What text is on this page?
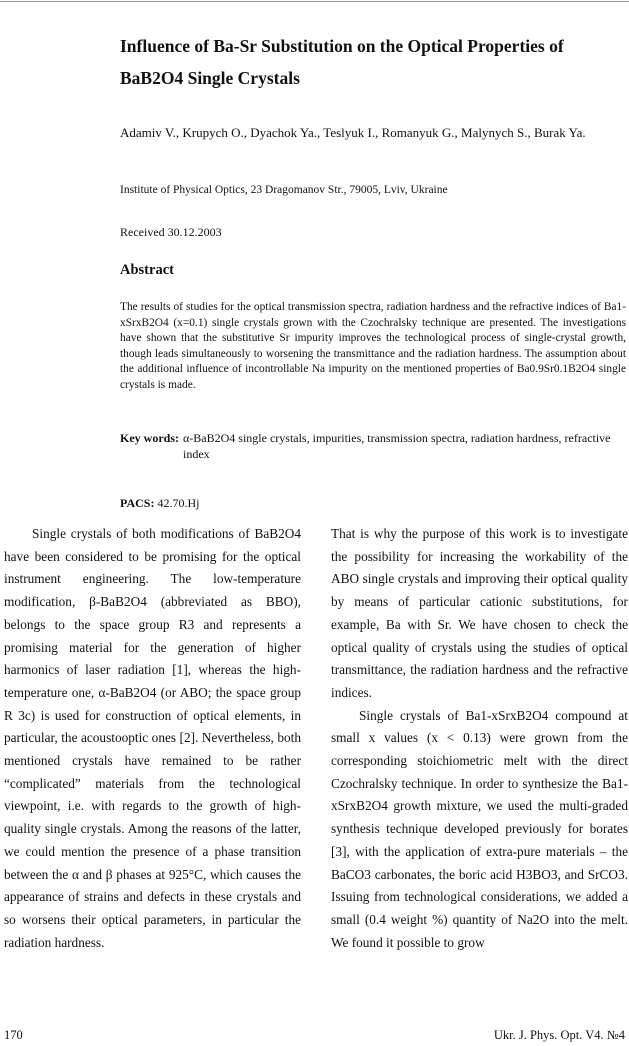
Influence of Ba-Sr Substitution on the Optical Properties of
BaB2O4 Single Crystals

Adamiv V., Krupych O., Dyachok Ya., Teslyuk I., Romanyuk G., Malynych S., Burak Ya.

Institute of Physical Optics, 23 Dragomanov Str., 79005, Lviv, Ukraine

Received 30.12.2003

Abstract

The results of studies for the optical transmission spectra, radiation hardness and the refractive indices of Ba1-xSrxB2O4 (x=0.1) single crystals grown with the Czochralsky technique are presented. The investigations have shown that the substitutive Sr impurity improves the technological process of single-crystal growth, though leads simultaneously to worsening the transmittance and the radiation hardness. The assumption about the additional influence of incontrollable Na impurity on the mentioned properties of Ba0.9Sr0.1B2O4 single crystals is made.

Key words: α-BaB2O4 single crystals, impurities, transmission spectra, radiation hardness, refractive index
PACS: 42.70.Hj

Single crystals of both modifications of BaB2O4 have been considered to be promising for the optical instrument engineering. The low-temperature modification, β-BaB2O4 (abbreviated as BBO), belongs to the space group R3 and represents a promising material for the generation of higher harmonics of laser radiation [1], whereas the high-temperature one, α-BaB2O4 (or ABO; the space group R 3c) is used for construction of optical elements, in particular, the acoustooptic ones [2]. Nevertheless, both mentioned crystals have remained to be rather “complicated” materials from the technological viewpoint, i.e. with regards to the growth of high-quality single crystals. Among the reasons of the latter, we could mention the presence of a phase transition between the α and β phases at 925°C, which causes the appearance of strains and defects in these crystals and so worsens their optical parameters, in particular the radiation hardness.

That is why the purpose of this work is to investigate the possibility for increasing the workability of the ABO single crystals and improving their optical quality by means of particular cationic substitutions, for example, Ba with Sr. We have chosen to check the optical quality of crystals using the studies of optical transmittance, the radiation hardness and the refractive indices.

Single crystals of Ba1-xSrxB2O4 compound at small x values (x < 0.13) were grown from the corresponding stoichiometric melt with the direct Czochralsky technique. In order to synthesize the Ba1-xSrxB2O4 growth mixture, we used the multi-graded synthesis technique developed previously for borates [3], with the application of extra-pure materials – the BaCO3 carbonates, the boric acid H3BO3, and SrCO3. Issuing from technological considerations, we added a small (0.4 weight %) quantity of Na2O into the melt. We found it possible to grow

170	Ukr. J. Phys. Opt. V4. №4
